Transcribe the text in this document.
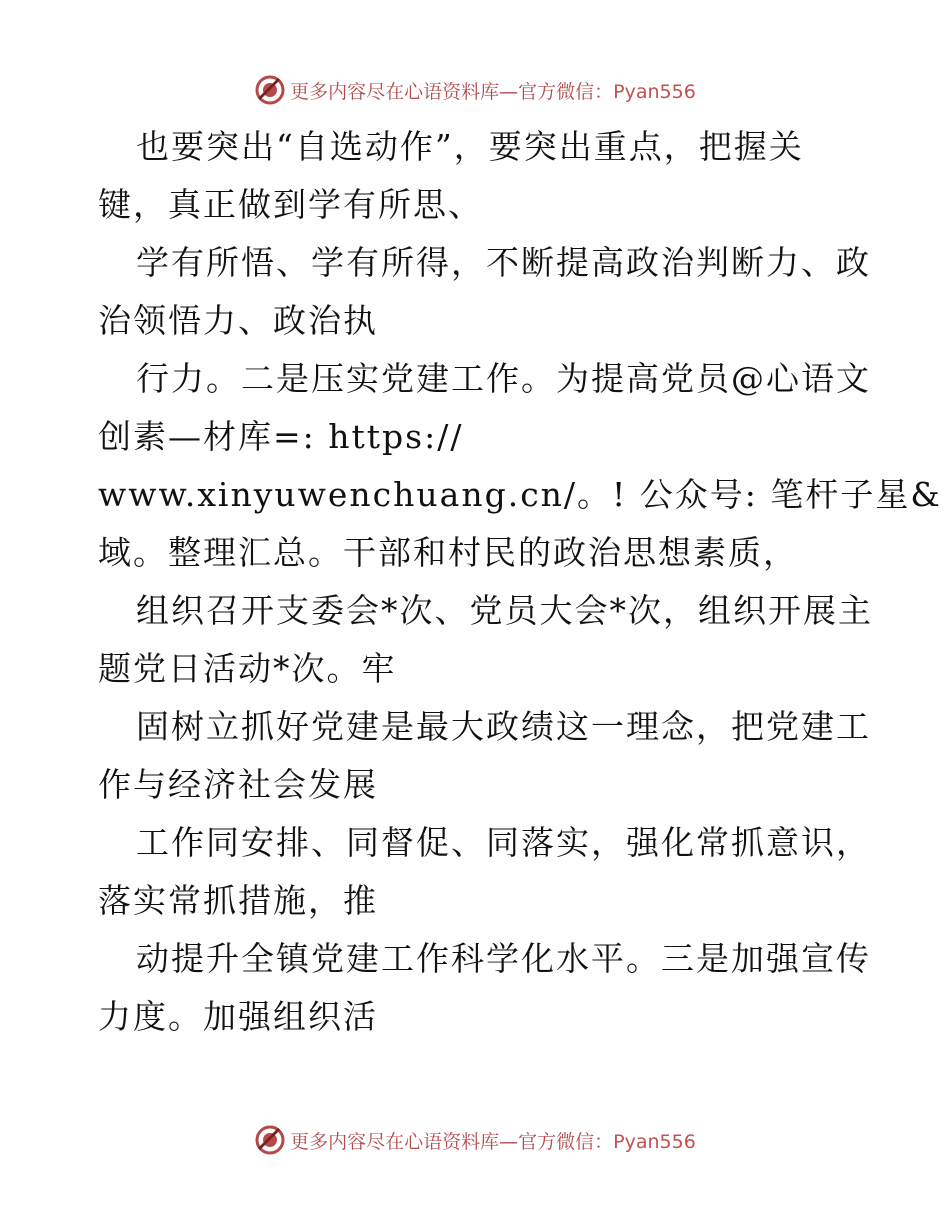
更多内容尽在心语资料库—官方微信：Pyan556

也要突出“自选动作”，要突出重点，把握关
键，真正做到学有所思、

学有所悟、学有所得，不断提高政治判断力、政
治领悟力、政治执

行力。二是压实党建工作。为提高党员@心语文
创素—材库=: https://
www.xinyuwenchuang.cn/。! 公众号: 笔杆子星&
域。整理汇总。干部和村民的政治思想素质，

组织召开支委会*次、党员大会*次，组织开展主
题党日活动*次。牢

固树立抓好党建是最大政绩这一理念，把党建工
作与经济社会发展

工作同安排、同督促、同落实，强化常抓意识，
落实常抓措施，推

动提升全镇党建工作科学化水平。三是加强宣传
力度。加强组织活

更多内容尽在心语资料库—官方微信：Pyan556
